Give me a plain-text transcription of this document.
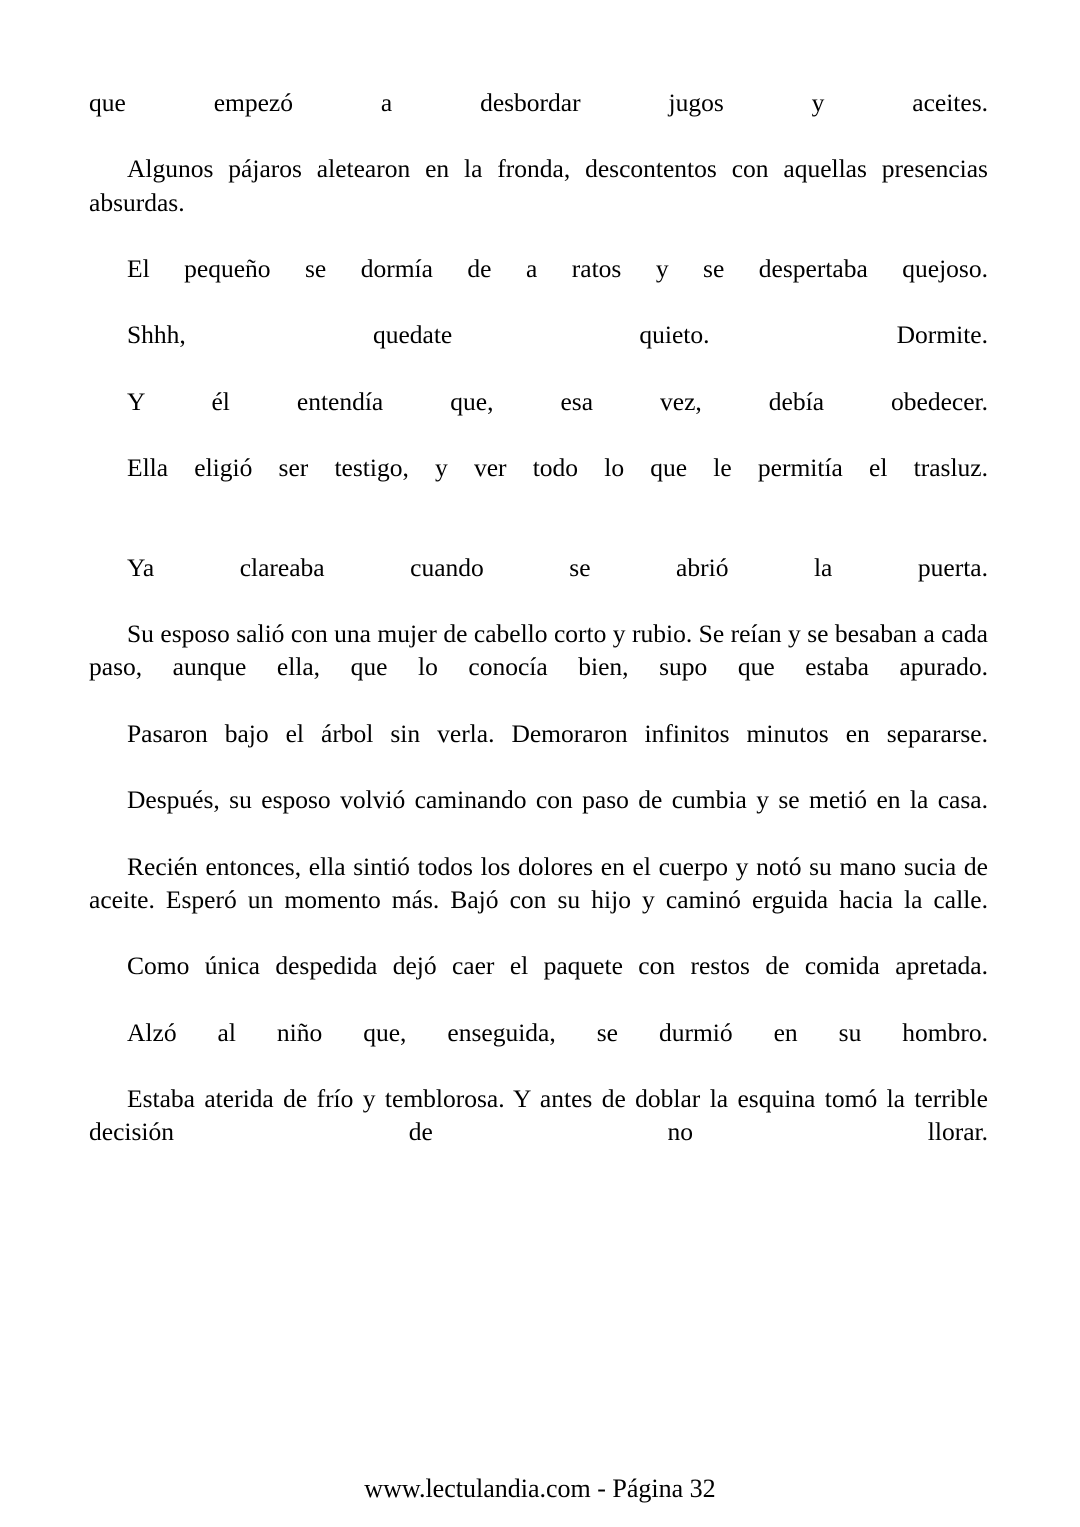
que empezó a desbordar jugos y aceites.

Algunos pájaros aletearon en la fronda, descontentos con aquellas presencias absurdas.

El pequeño se dormía de a ratos y se despertaba quejoso.

Shhh, quedate quieto. Dormite.

Y él entendía que, esa vez, debía obedecer.

Ella eligió ser testigo, y ver todo lo que le permitía el trasluz.

Ya clareaba cuando se abrió la puerta.

Su esposo salió con una mujer de cabello corto y rubio. Se reían y se besaban a cada paso, aunque ella, que lo conocía bien, supo que estaba apurado.

Pasaron bajo el árbol sin verla. Demoraron infinitos minutos en separarse.

Después, su esposo volvió caminando con paso de cumbia y se metió en la casa.

Recién entonces, ella sintió todos los dolores en el cuerpo y notó su mano sucia de aceite. Esperó un momento más. Bajó con su hijo y caminó erguida hacia la calle.

Como única despedida dejó caer el paquete con restos de comida apretada.

Alzó al niño que, enseguida, se durmió en su hombro.

Estaba aterida de frío y temblorosa. Y antes de doblar la esquina tomó la terrible decisión de no llorar.

www.lectulandia.com - Página 32
